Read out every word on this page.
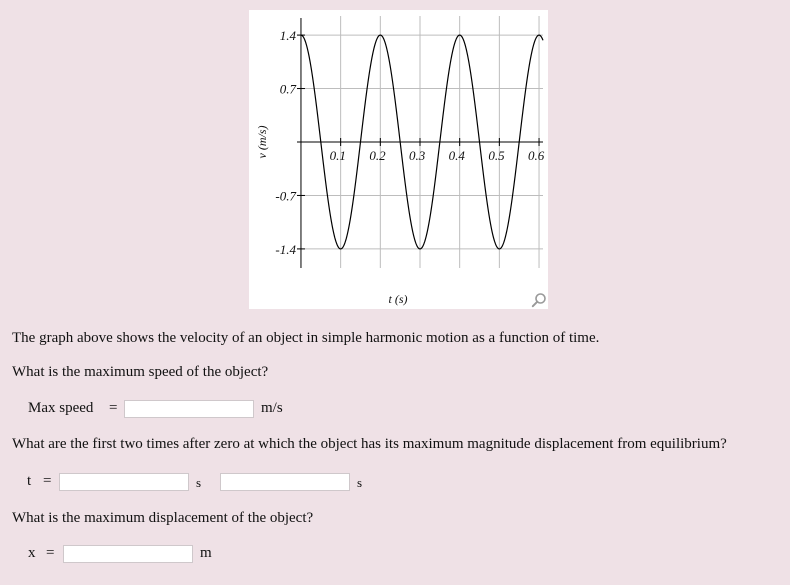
0.1 0.2 0.3 0.4 0.5 0.6
1.4
0.7
-0.7
-1.4
t (s)
v (m/s)

The graph above shows the velocity of an object in simple harmonic motion as a function of time.

What is the maximum speed of the object?

Max speed =	m/s

What are the first two times after zero at which the object has its maximum magnitude displacement from equilibrium?

t =	s	s

What is the maximum displacement of the object?

x =	m
